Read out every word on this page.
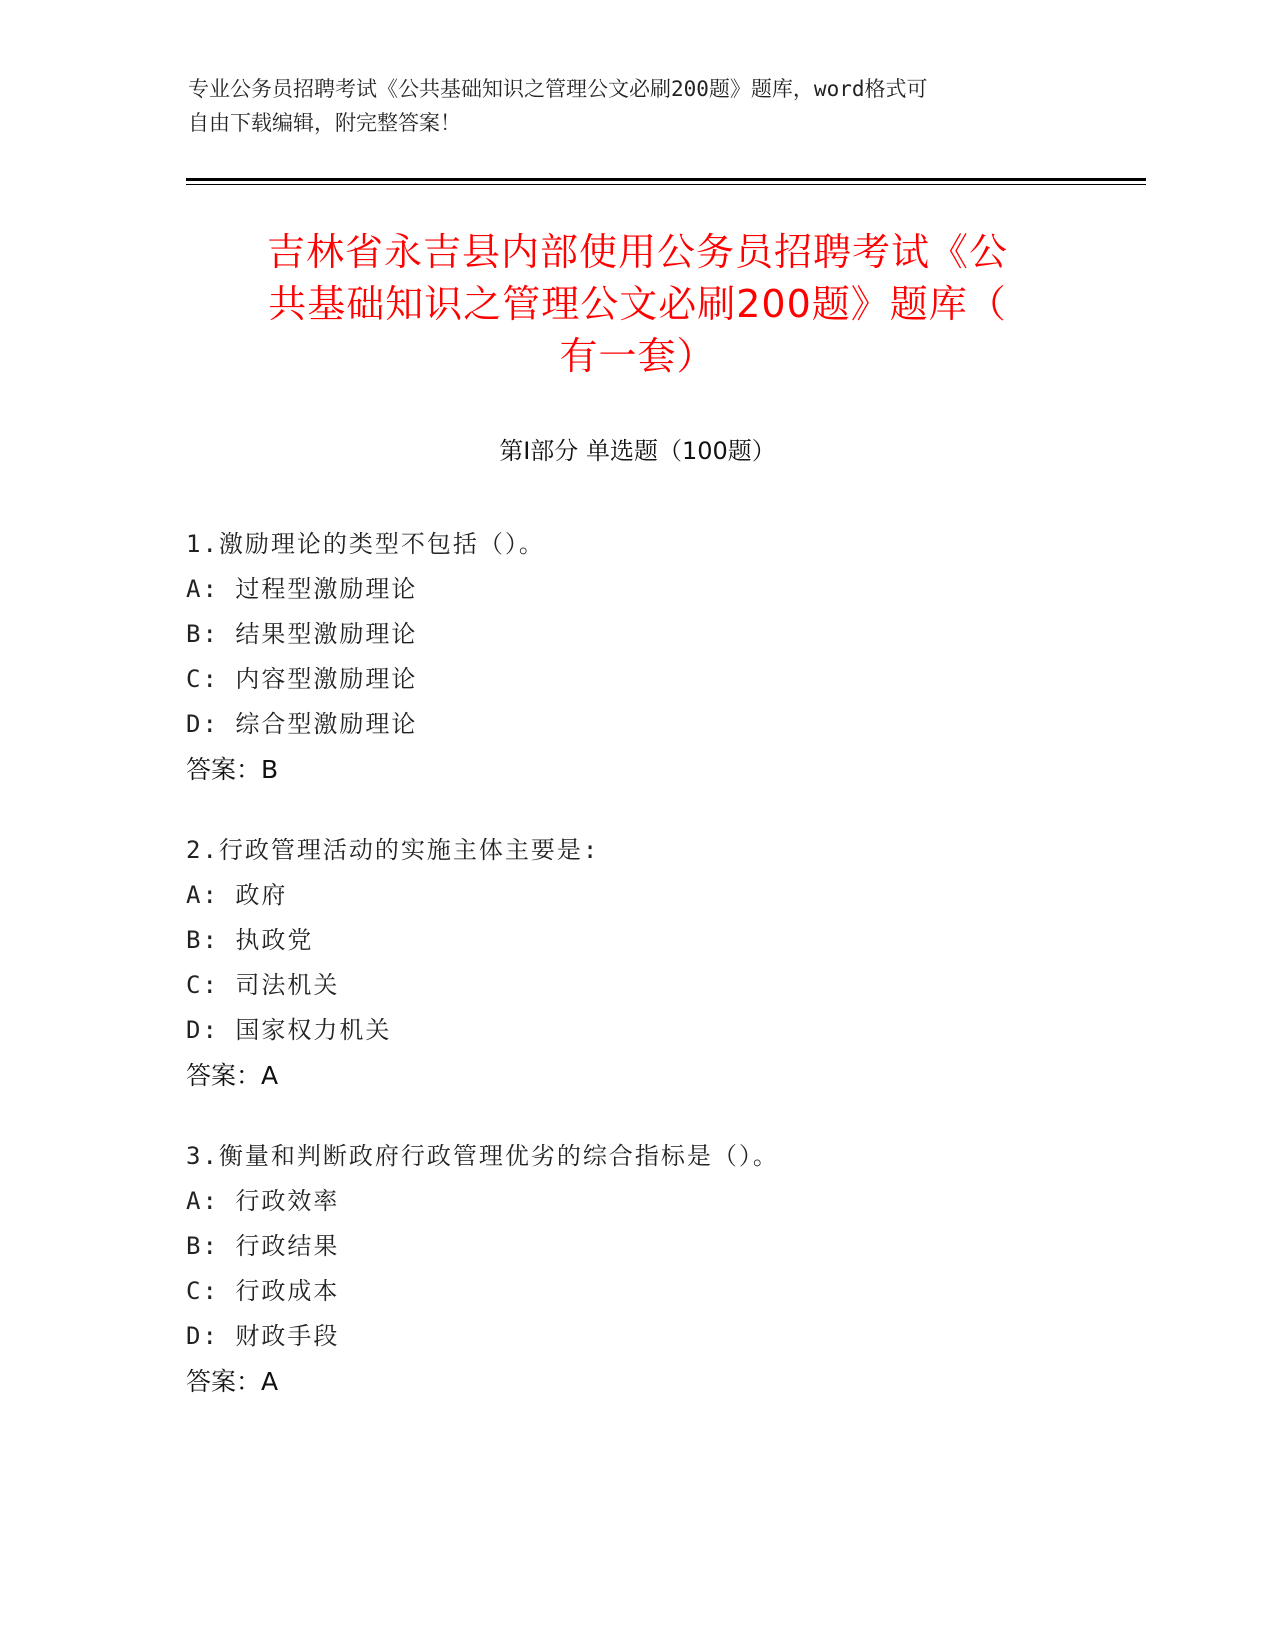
专业公务员招聘考试《公共基础知识之管理公文必刷200题》题库，word格式可
自由下载编辑，附完整答案！
吉林省永吉县内部使用公务员招聘考试《公
共基础知识之管理公文必刷200题》题库（
有一套）
第Ⅰ部分 单选题（100题）
1.激励理论的类型不包括（）。
A: 过程型激励理论
B: 结果型激励理论
C: 内容型激励理论
D: 综合型激励理论
答案：B
2.行政管理活动的实施主体主要是:
A: 政府
B: 执政党
C: 司法机关
D: 国家权力机关
答案：A
3.衡量和判断政府行政管理优劣的综合指标是（）。
A: 行政效率
B: 行政结果
C: 行政成本
D: 财政手段
答案：A
